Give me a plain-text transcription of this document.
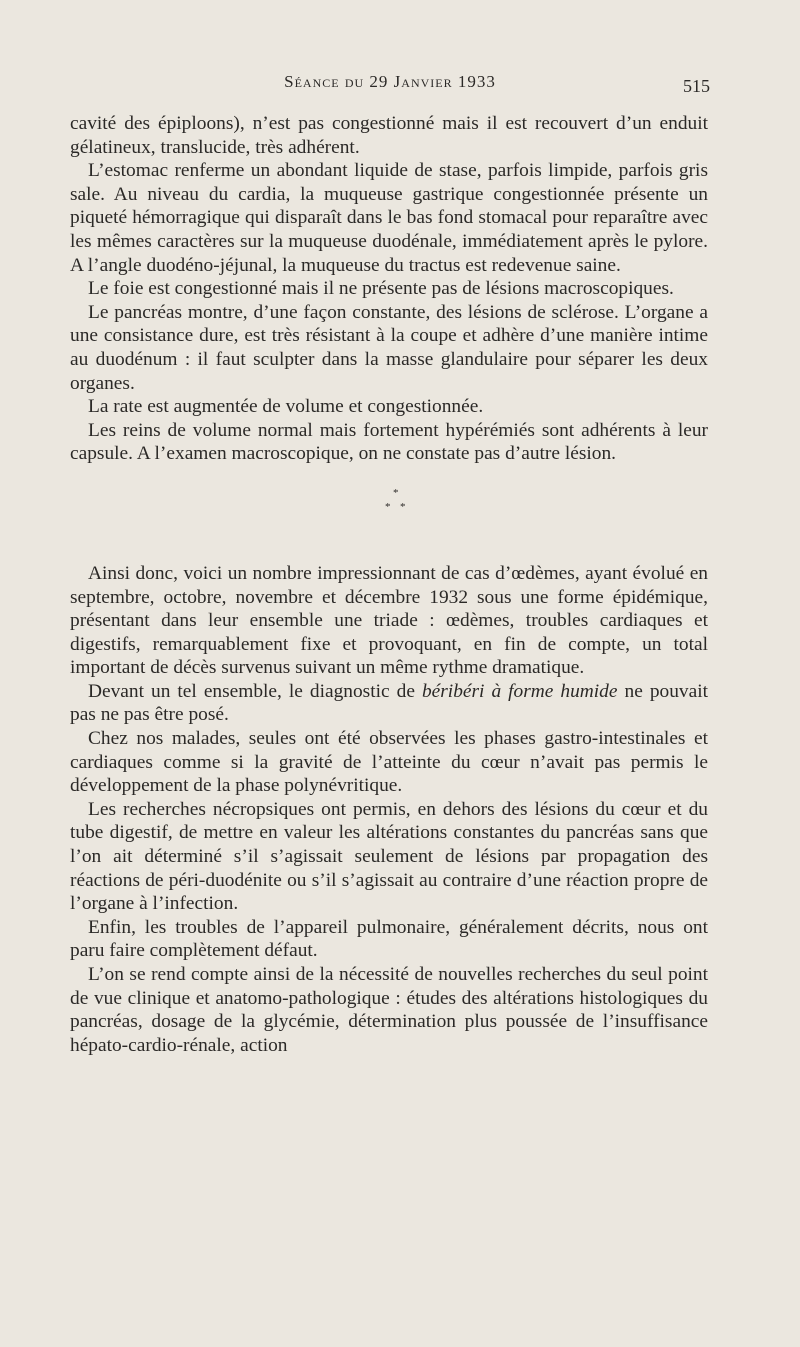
Séance du 29 Janvier 1933	515

cavité des épiploons), n’est pas congestionné mais il est recouvert d’un enduit gélatineux, translucide, très adhérent.

L’estomac renferme un abondant liquide de stase, parfois limpide, parfois gris sale. Au niveau du cardia, la muqueuse gastrique congestionnée présente un piqueté hémorragique qui disparaît dans le bas fond stomacal pour reparaître avec les mêmes caractères sur la muqueuse duodénale, immédiatement après le pylore. A l’angle duodéno-jéjunal, la muqueuse du tractus est redevenue saine.

Le foie est congestionné mais il ne présente pas de lésions macroscopiques.

Le pancréas montre, d’une façon constante, des lésions de sclérose. L’organe a une consistance dure, est très résistant à la coupe et adhère d’une manière intime au duodénum : il faut sculpter dans la masse glandulaire pour séparer les deux organes.

La rate est augmentée de volume et congestionnée.

Les reins de volume normal mais fortement hypérémiés sont adhérents à leur capsule. A l’examen macroscopique, on ne constate pas d’autre lésion.

*
* *

Ainsi donc, voici un nombre impressionnant de cas d’œdèmes, ayant évolué en septembre, octobre, novembre et décembre 1932 sous une forme épidémique, présentant dans leur ensemble une triade : œdèmes, troubles cardiaques et digestifs, remarquablement fixe et provoquant, en fin de compte, un total important de décès survenus suivant un même rythme dramatique.

Devant un tel ensemble, le diagnostic de béribéri à forme humide ne pouvait pas ne pas être posé.

Chez nos malades, seules ont été observées les phases gastro-intestinales et cardiaques comme si la gravité de l’atteinte du cœur n’avait pas permis le développement de la phase polynévritique.

Les recherches nécropsiques ont permis, en dehors des lésions du cœur et du tube digestif, de mettre en valeur les altérations constantes du pancréas sans que l’on ait déterminé s’il s’agissait seulement de lésions par propagation des réactions de péri-duodénite ou s’il s’agissait au contraire d’une réaction propre de l’organe à l’infection.

Enfin, les troubles de l’appareil pulmonaire, généralement décrits, nous ont paru faire complètement défaut.

L’on se rend compte ainsi de la nécessité de nouvelles recherches du seul point de vue clinique et anatomo-pathologique : études des altérations histologiques du pancréas, dosage de la glycémie, détermination plus poussée de l’insuffisance hépato-cardio-rénale, action
